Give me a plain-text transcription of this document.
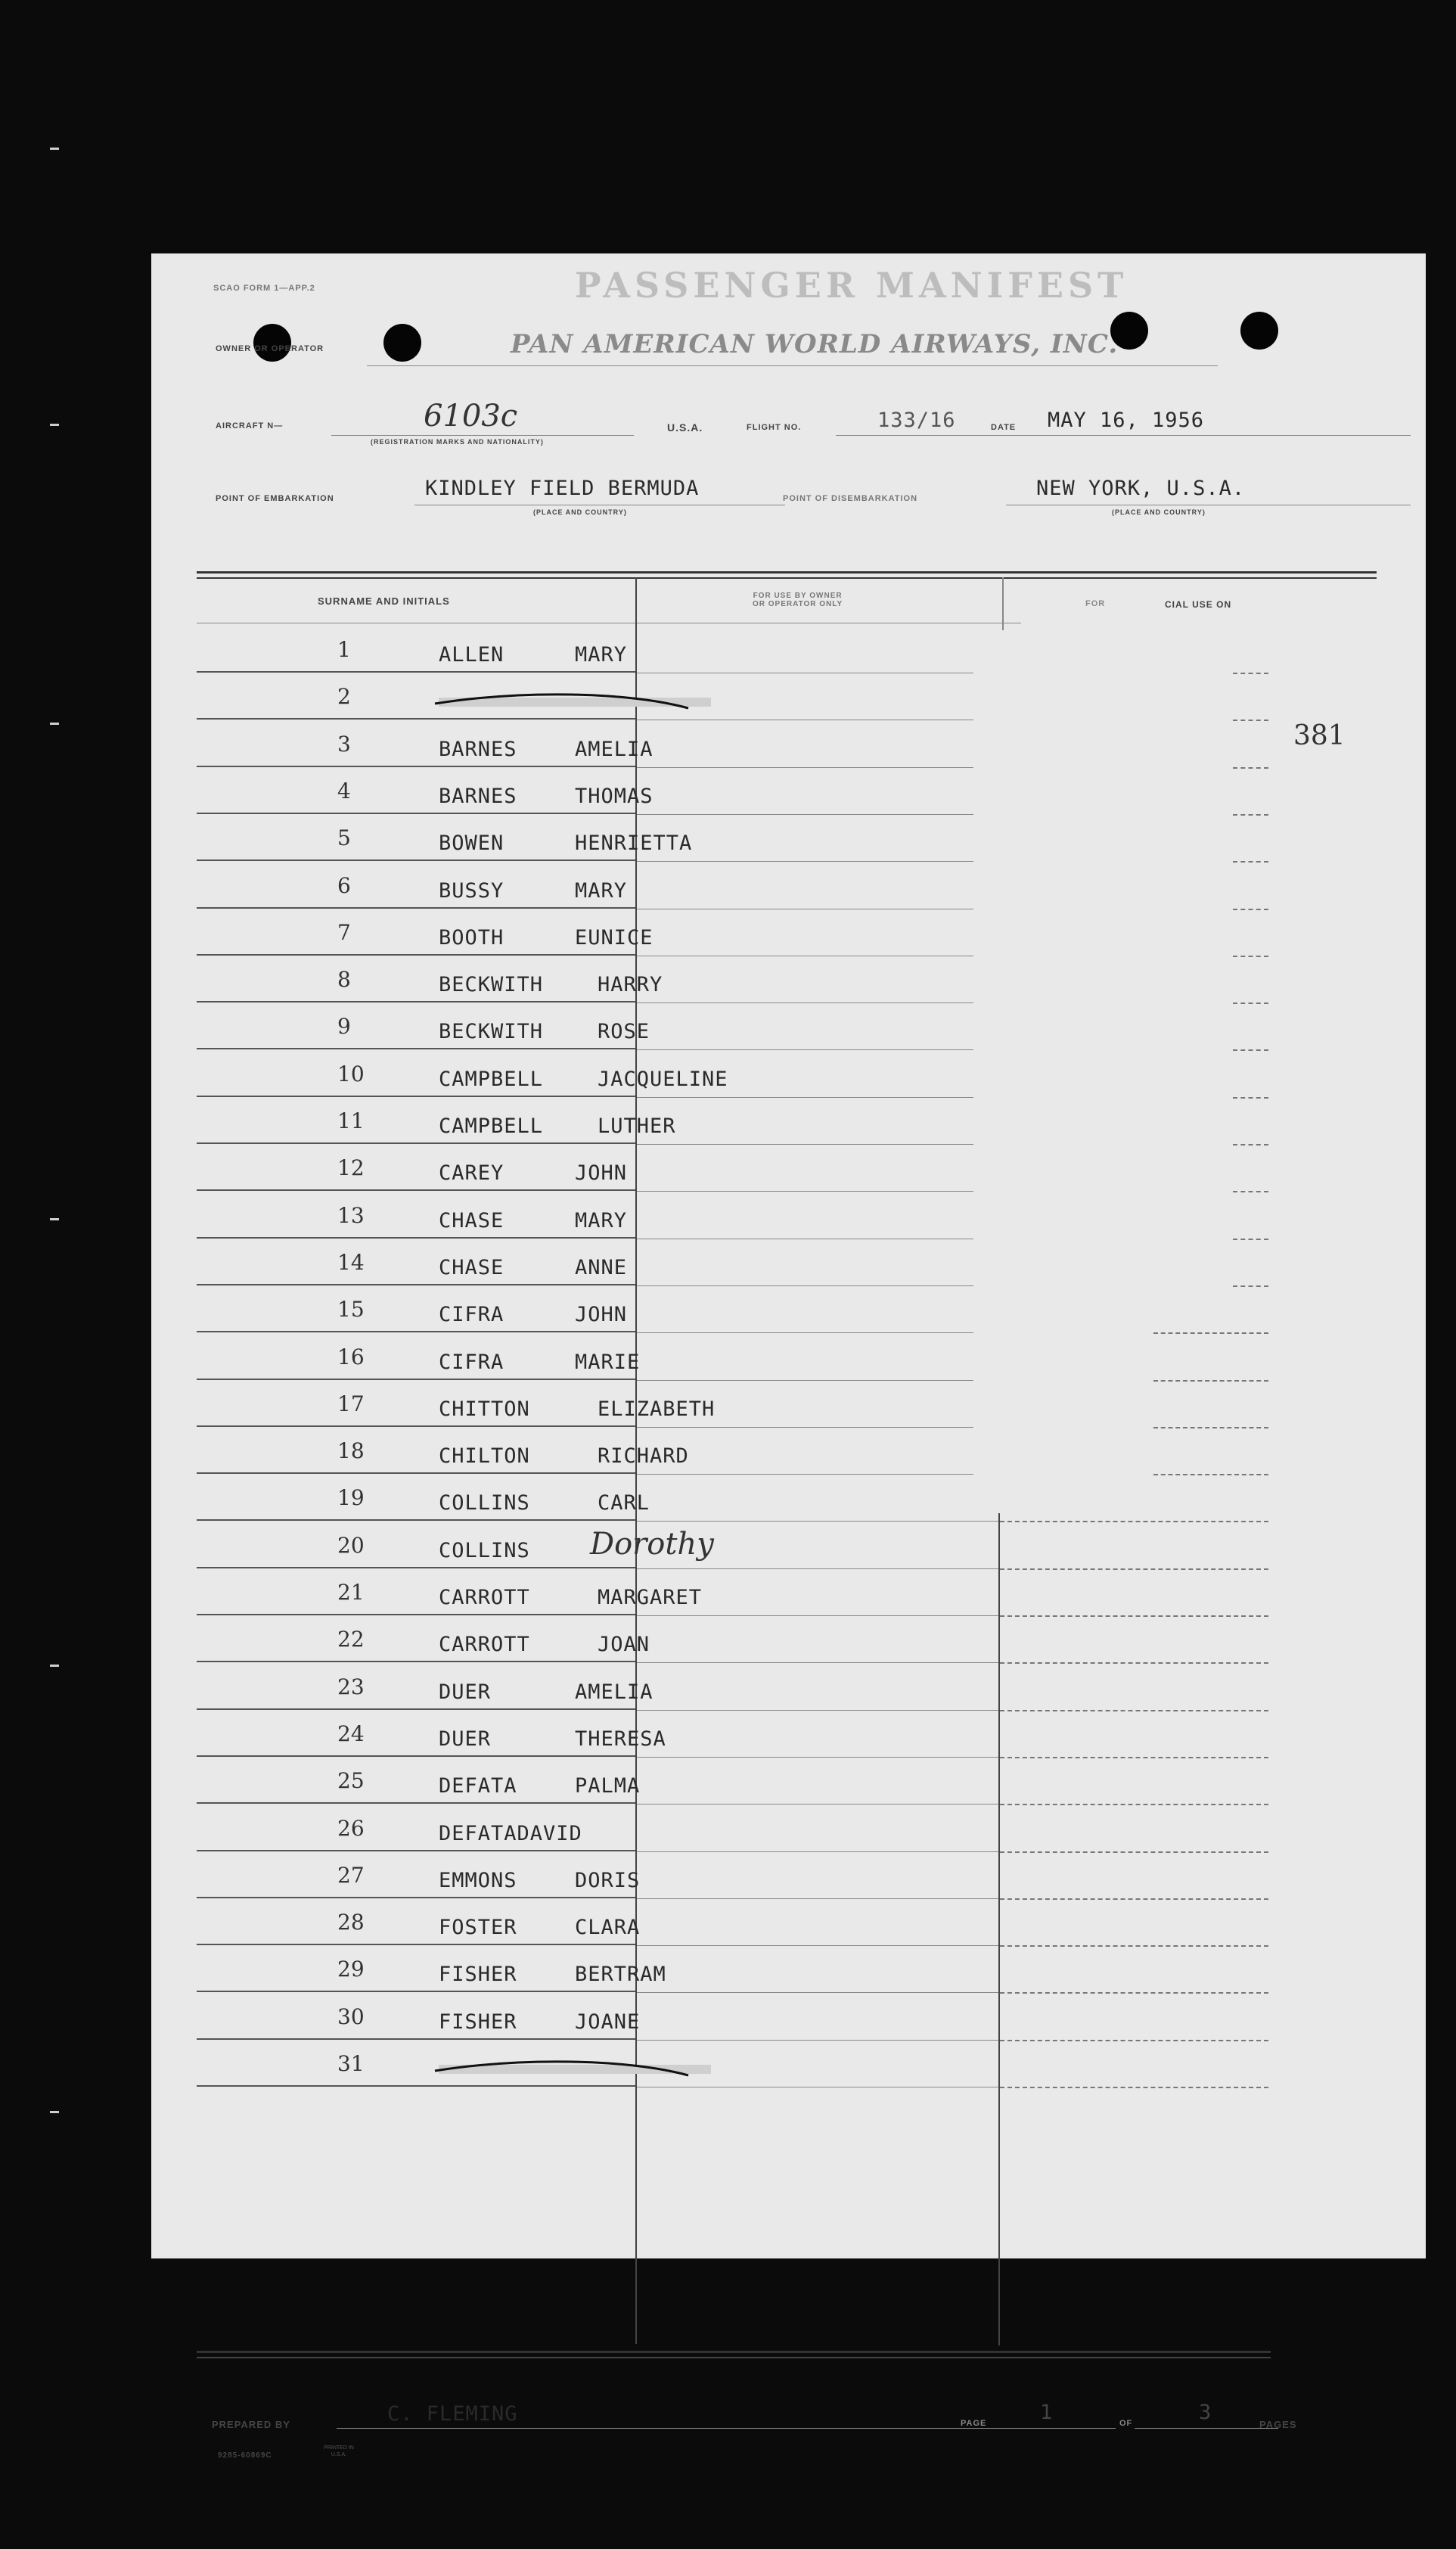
SCAO FORM 1—APP.2	PASSENGER MANIFEST
OWNER OR OPERATOR	PAN AMERICAN WORLD AIRWAYS, INC.
AIRCRAFT N—	6103c
(REGISTRATION MARKS AND NATIONALITY)
U.S.A.	FLIGHT NO.	133/16	DATE MAY 16, 1956
POINT OF EMBARKATION	KINDLEY FIELD BERMUDA
(PLACE AND COUNTRY)
POINT OF DISEMBARKATION	NEW YORK, U.S.A.
(PLACE AND COUNTRY)
SURNAME AND INITIALS	FOR USE BY OWNER
OR OPERATOR ONLY	FOR	CIAL USE ON
381
1	ALLEN	MARY
2
3	BARNES	AMELIA
4	BARNES	THOMAS
5	BOWEN	HENRIETTA
6	BUSSY	MARY
7	BOOTH	EUNICE
8	BECKWITH	HARRY
9	BECKWITH	ROSE
10	CAMPBELL	JACQUELINE
11	CAMPBELL	LUTHER
12	CAREY	JOHN
13	CHASE	MARY
14	CHASE	ANNE
15	CIFRA	JOHN
16	CIFRA	MARIE
17	CHITTON	ELIZABETH
18	CHILTON	RICHARD
19	COLLINS	CARL
20	COLLINS Dorothy
21	CARROTT	MARGARET
22	CARROTT	JOAN
23	DUER	AMELIA
24	DUER	THERESA
25	DEFATA	PALMA
26	DEFATADAVID
27	EMMONS	DORIS
28	FOSTER	CLARA
29	FISHER	BERTRAM
30	FISHER	JOANE
31
PREPARED BY	C. FLEMING	PAGE	1	OF	3
PAGES
9285-60869C
PRINTED IN U.S.A.
